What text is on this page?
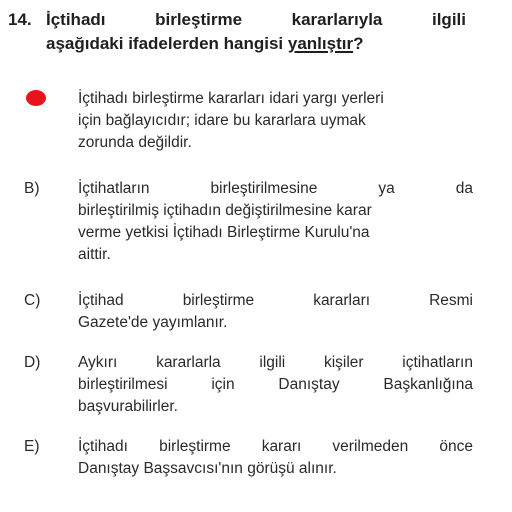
14. İçtihadı	birleştirme	kararlarıyla	ilgili
aşağıdaki ifadelerden hangisi yanlıştır?
İçtihadı birleştirme kararları idari yargı yerleri
için bağlayıcıdır; idare bu kararlara uymak
zorunda değildir.
B)	İçtihatların	birleştirilmesine	ya	da
birleştirilmiş içtihadın değiştirilmesine karar
verme yetkisi İçtihadı Birleştirme Kurulu'na
aittir.
C)	İçtihad	birleştirme	kararları	Resmi
Gazete'de yayımlanır.
D)	Aykırı kararlarla ilgili kişiler içtihatların
birleştirilmesi	için	Danıştay	Başkanlığına
başvurabilirler.
E)	İçtihadı birleştirme kararı verilmeden önce
Danıştay Başsavcısı'nın görüşü alınır.
